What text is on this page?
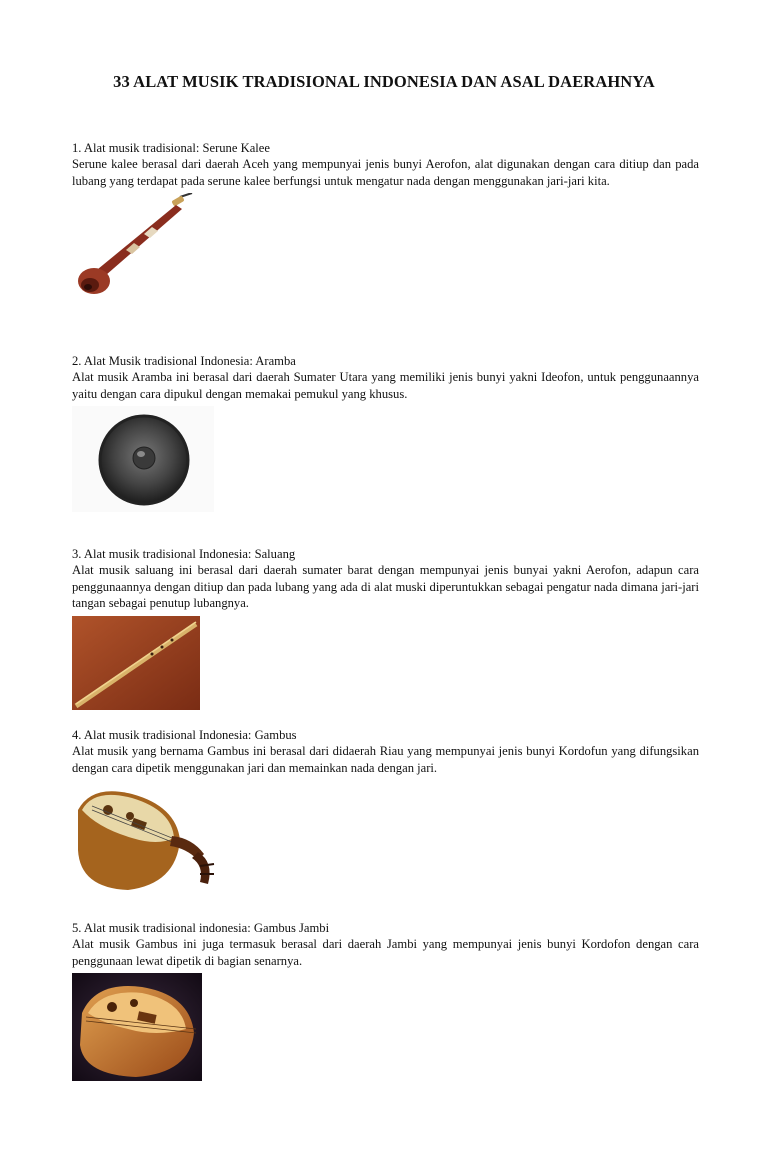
33 ALAT MUSIK TRADISIONAL INDONESIA DAN ASAL DAERAHNYA
1. Alat musik tradisional: Serune Kalee
Serune kalee berasal dari daerah Aceh yang mempunyai jenis bunyi Aerofon, alat digunakan dengan cara ditiup dan pada lubang yang terdapat pada serune kalee berfungsi untuk mengatur nada dengan menggunakan jari-jari kita.
2. Alat Musik tradisional Indonesia: Aramba
Alat musik Aramba ini berasal dari daerah Sumater Utara yang memiliki jenis bunyi yakni Ideofon, untuk penggunaannya yaitu dengan cara dipukul dengan memakai pemukul yang khusus.
3. Alat musik tradisional Indonesia: Saluang
Alat musik saluang ini berasal dari daerah sumater barat dengan mempunyai jenis bunyai yakni Aerofon, adapun cara penggunaannya dengan ditiup dan pada lubang yang ada di alat muski diperuntukkan sebagai pengatur nada dimana jari-jari tangan sebagai penutup lubangnya.
4. Alat musik tradisional Indonesia: Gambus
Alat musik yang bernama Gambus ini berasal dari didaerah Riau yang mempunyai jenis bunyi Kordofun yang difungsikan dengan cara dipetik menggunakan jari dan memainkan nada dengan jari.
5. Alat musik tradisional indonesia: Gambus Jambi
Alat musik Gambus ini juga termasuk berasal dari daerah Jambi yang mempunyai jenis bunyi Kordofon dengan cara penggunaan lewat dipetik di bagian senarnya.
